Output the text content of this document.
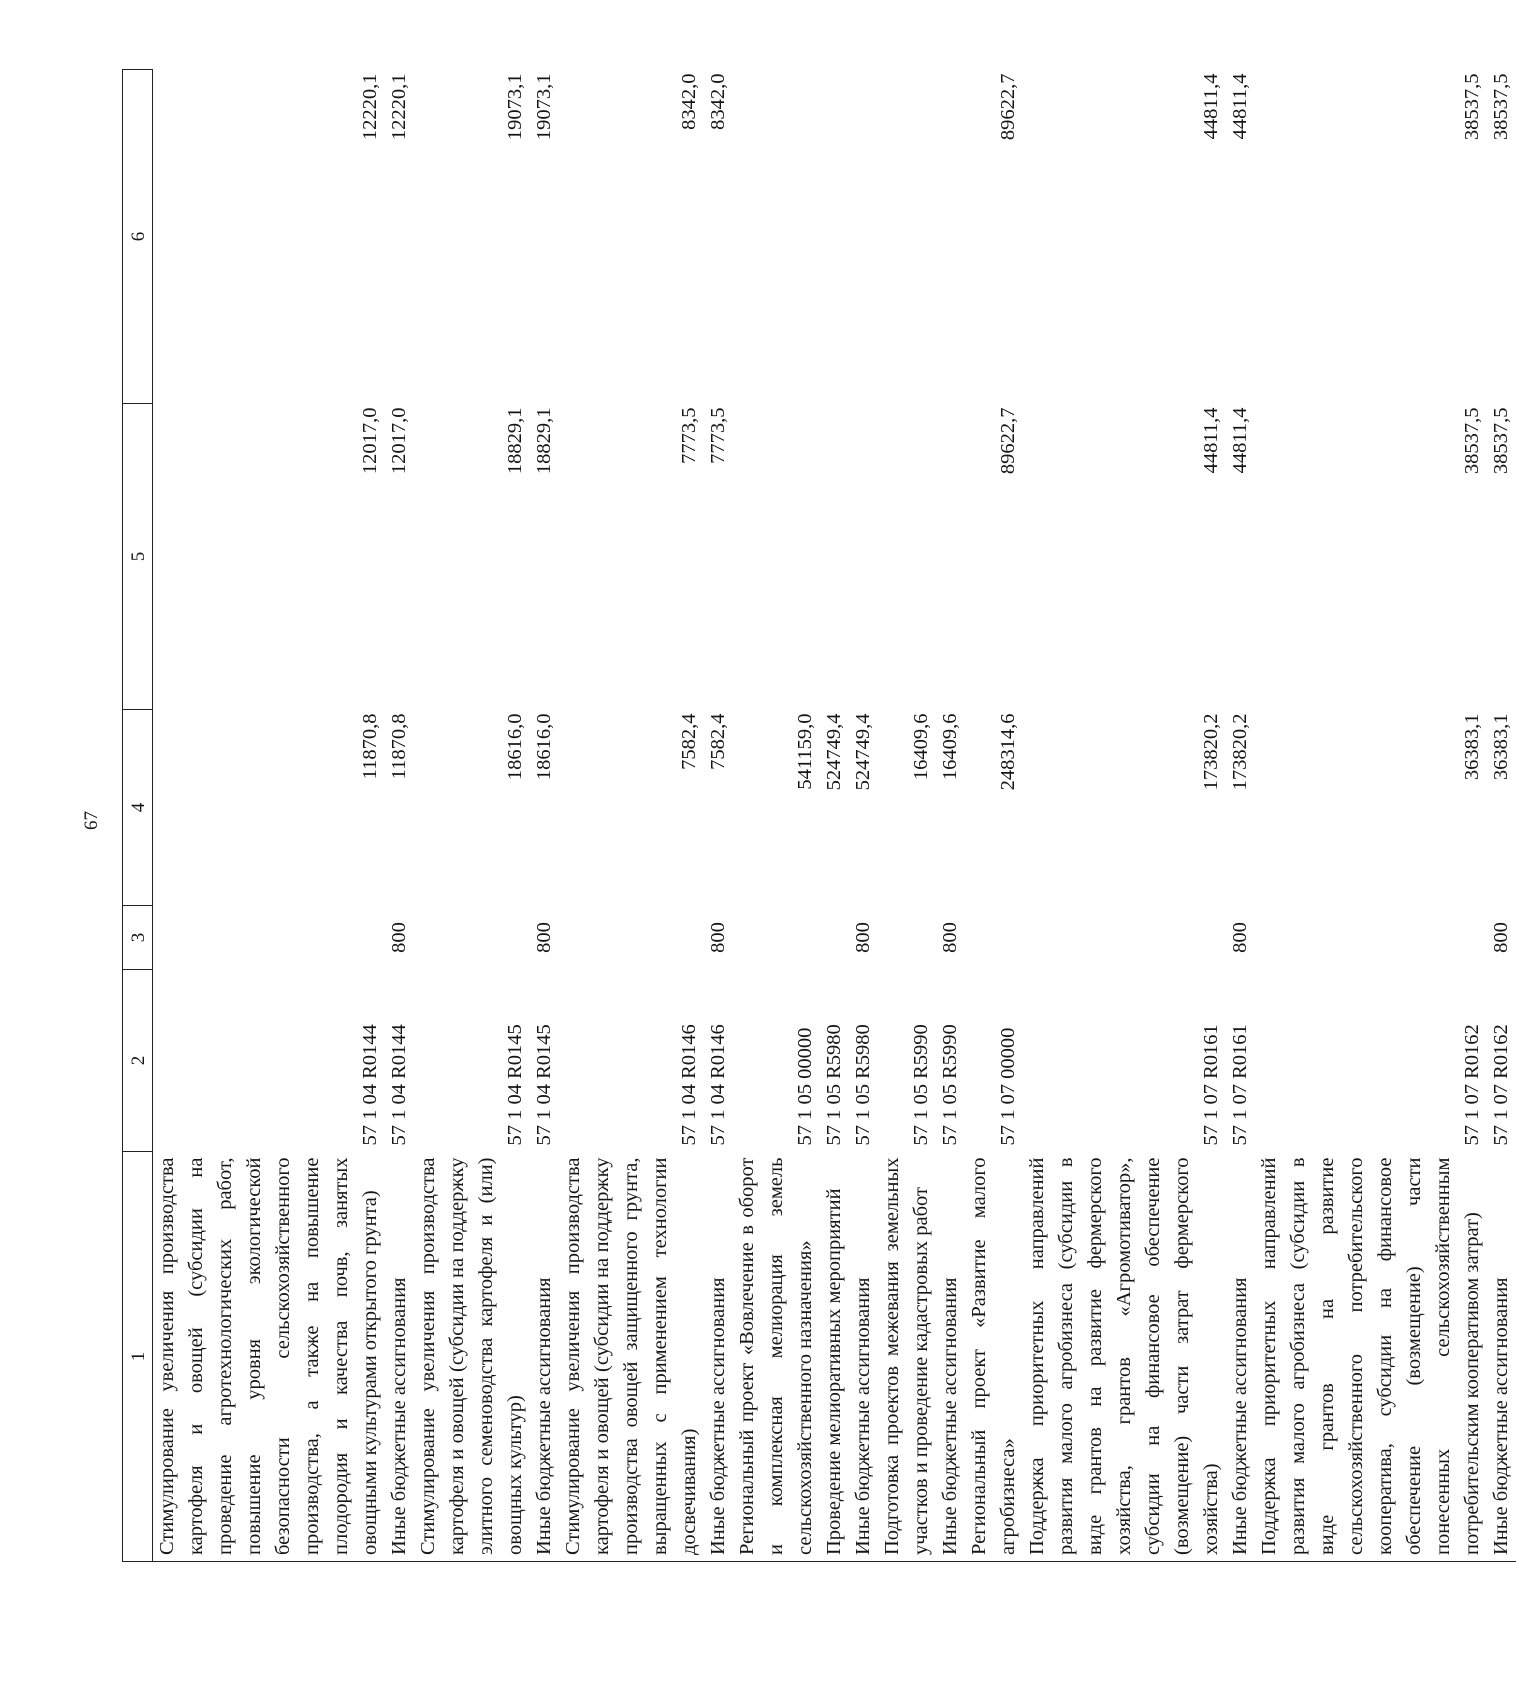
67
1	2	3	4	5	6
Стимулирование увеличения производства картофеля и овощей (субсидии на проведение агротехнологических работ, повышение уровня экологической безопасности сельскохозяйственного производства, а также на повышение плодородия и качества почв, занятых овощными культурами открытого грунта)	57 1 04 R0144		11870,8	12017,0	12220,1
Иные бюджетные ассигнования	57 1 04 R0144	800	11870,8	12017,0	12220,1
Стимулирование увеличения производства картофеля и овощей (субсидии на поддержку элитного семеноводства картофеля и (или) овощных культур)	57 1 04 R0145		18616,0	18829,1	19073,1
Иные бюджетные ассигнования	57 1 04 R0145	800	18616,0	18829,1	19073,1
Стимулирование увеличения производства картофеля и овощей (субсидии на поддержку производства овощей защищенного грунта, выращенных с применением технологии досвечивания)	57 1 04 R0146		7582,4	7773,5	8342,0
Иные бюджетные ассигнования	57 1 04 R0146	800	7582,4	7773,5	8342,0
Региональный проект «Вовлечение в оборот и комплексная мелиорация земель сельскохозяйственного назначения»	57 1 05 00000		541159,0		
Проведение мелиоративных мероприятий	57 1 05 R5980		524749,4		
Иные бюджетные ассигнования	57 1 05 R5980	800	524749,4		
Подготовка проектов межевания земельных участков и проведение кадастровых работ	57 1 05 R5990		16409,6		
Иные бюджетные ассигнования	57 1 05 R5990	800	16409,6		
Региональный проект «Развитие малого агробизнеса»	57 1 07 00000		248314,6	89622,7	89622,7
Поддержка приоритетных направлений развития малого агробизнеса (субсидии в виде грантов на развитие фермерского хозяйства, грантов «Агромотиватор», субсидии на финансовое обеспечение (возмещение) части затрат фермерского хозяйства)	57 1 07 R0161		173820,2	44811,4	44811,4
Иные бюджетные ассигнования	57 1 07 R0161	800	173820,2	44811,4	44811,4
Поддержка приоритетных направлений развития малого агробизнеса (субсидии в виде грантов на развитие сельскохозяйственного потребительского кооператива, субсидии на финансовое обеспечение (возмещение) части понесенных сельскохозяйственным потребительским кооперативом затрат)	57 1 07 R0162		36383,1	38537,5	38537,5
Иные бюджетные ассигнования	57 1 07 R0162	800	36383,1	38537,5	38537,5
